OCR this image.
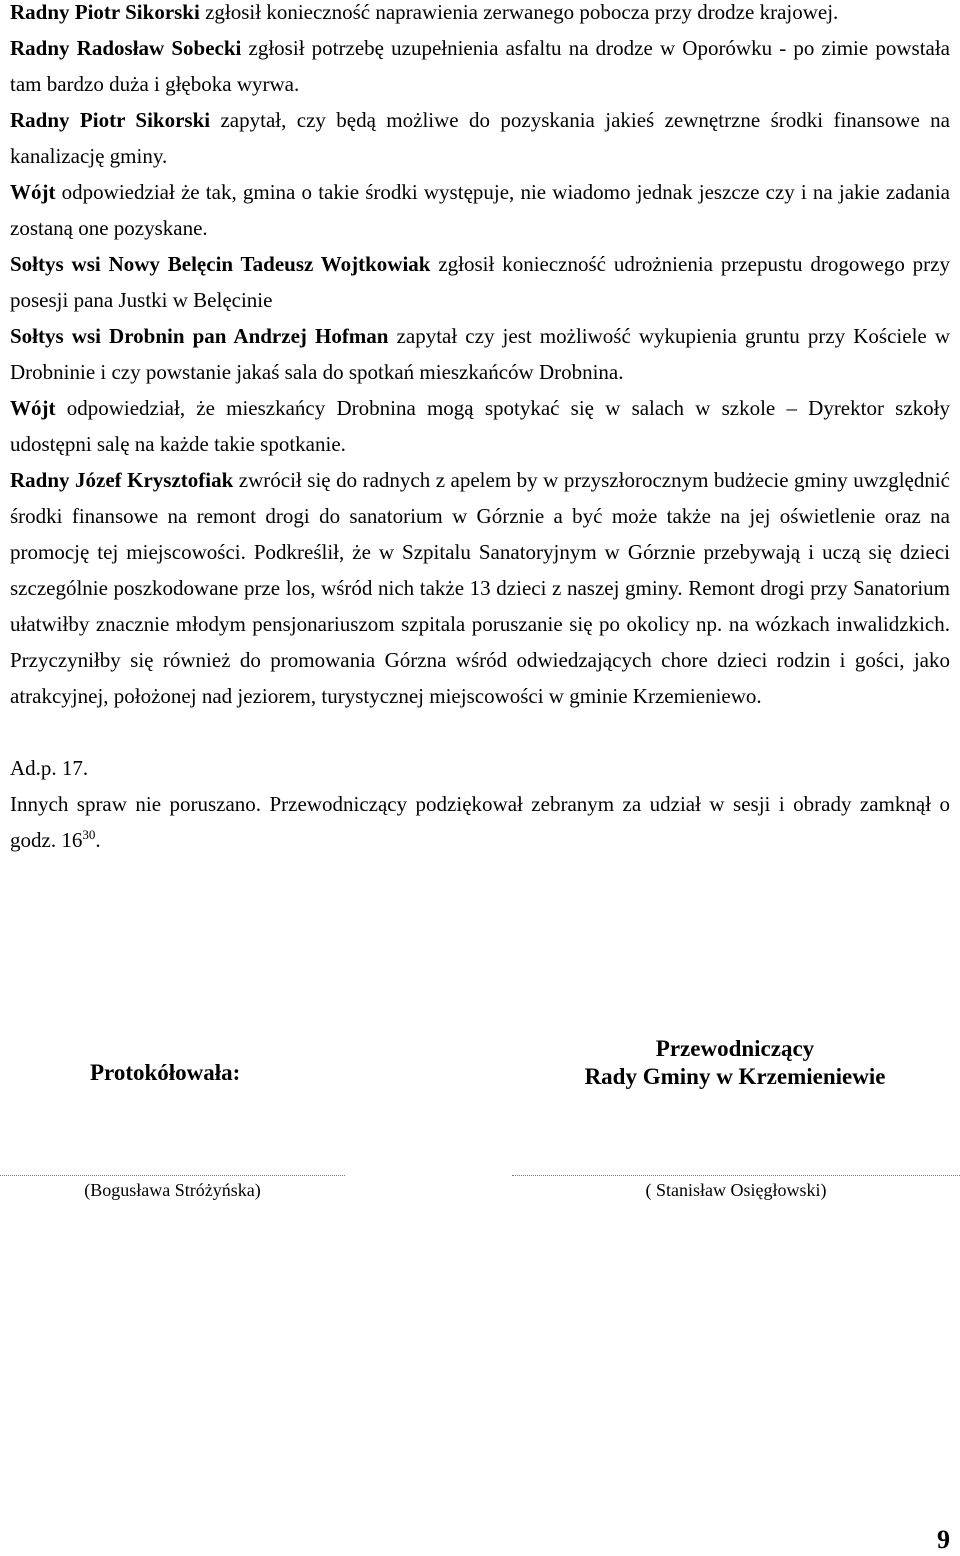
Radny Piotr Sikorski zgłosił konieczność naprawienia zerwanego pobocza przy drodze krajowej.

Radny Radosław Sobecki zgłosił potrzebę uzupełnienia asfaltu na drodze w Oporówku - po zimie powstała tam bardzo duża i głęboka wyrwa.

Radny Piotr Sikorski zapytał, czy będą możliwe do pozyskania jakieś zewnętrzne środki finansowe na kanalizację gminy.

Wójt odpowiedział że tak, gmina o takie środki występuje, nie wiadomo jednak jeszcze czy i na jakie zadania zostaną one pozyskane.

Sołtys wsi Nowy Belęcin Tadeusz Wojtkowiak zgłosił konieczność udrożnienia przepustu drogowego przy posesji pana Justki w Belęcinie

Sołtys wsi Drobnin pan Andrzej Hofman zapytał czy jest możliwość wykupienia gruntu przy Kościele w Drobninie i czy powstanie jakaś sala do spotkań mieszkańców Drobnina.

Wójt odpowiedział, że mieszkańcy Drobnina mogą spotykać się w salach w szkole – Dyrektor szkoły udostępni salę na każde takie spotkanie.

Radny Józef Krysztofiak zwrócił się do radnych z apelem by w przyszłorocznym budżecie gminy uwzględnić środki finansowe na remont drogi do sanatorium w Górznie a być może także na jej oświetlenie oraz na promocję tej miejscowości. Podkreślił, że w Szpitalu Sanatoryjnym w Górznie przebywają i uczą się dzieci szczególnie poszkodowane prze los, wśród nich także 13 dzieci z naszej gminy. Remont drogi przy Sanatorium ułatwiłby znacznie młodym pensjonariuszom szpitala poruszanie się po okolicy np. na wózkach inwalidzkich. Przyczyniłby się również do promowania Górzna wśród odwiedzających chore dzieci rodzin i gości, jako atrakcyjnej, położonej nad jeziorem, turystycznej miejscowości w gminie Krzemieniewo.

Ad.p. 17.

Innych spraw nie poruszano. Przewodniczący podziękował zebranym za udział w sesji i obrady zamknął o godz. $16^{30}$.

Protokółowała:
Przewodniczący
Rady Gminy w Krzemieniewie
(Bogusława Stróżyńska)	( Stanisław Osięgłowski)
9
